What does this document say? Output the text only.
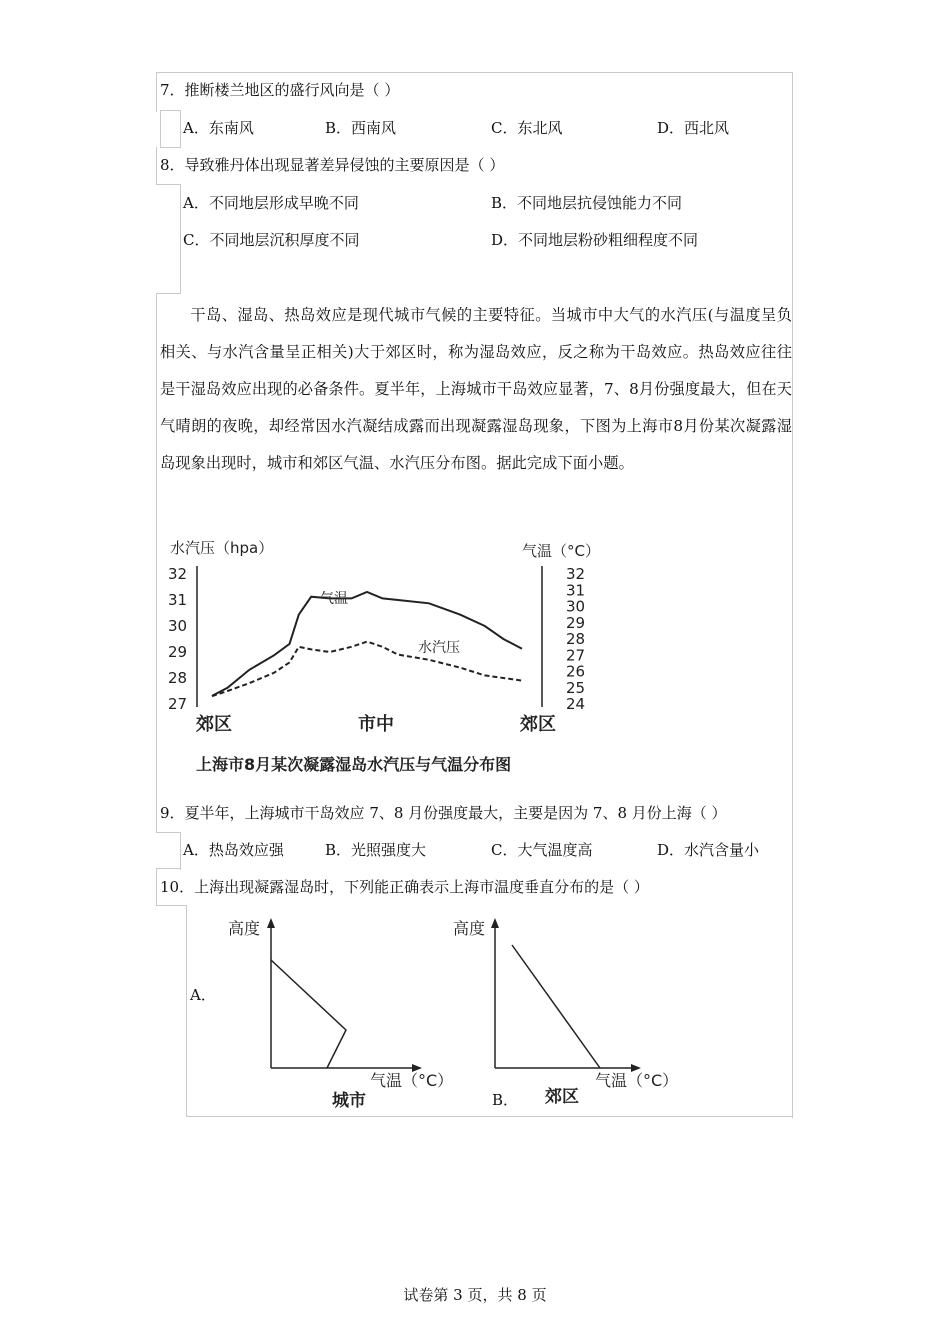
7．推断楼兰地区的盛行风向是（ ）
A．东南风	B．西南风	C．东北风	D．西北风
8．导致雅丹体出现显著差异侵蚀的主要原因是（ ）
A．不同地层形成早晚不同	B．不同地层抗侵蚀能力不同
C．不同地层沉积厚度不同	D．不同地层粉砂粗细程度不同
干岛、湿岛、热岛效应是现代城市气候的主要特征。当城市中大气的水汽压(与温度呈负相关、与水汽含量呈正相关)大于郊区时，称为湿岛效应，反之称为干岛效应。热岛效应往往是干湿岛效应出现的必备条件。夏半年，上海城市干岛效应显著，7、8月份强度最大，但在天气晴朗的夜晚，却经常因水汽凝结成露而出现凝露湿岛现象，下图为上海市8月份某次凝露湿岛现象出现时，城市和郊区气温、水汽压分布图。据此完成下面小题。
水汽压（hpa）	气温（°C）
32
31
30
29
28
27
32
31
30
29
28
27
26
25
24
郊区	市中	郊区
气温
水汽压
上海市8月某次凝露湿岛水汽压与气温分布图
9．夏半年，上海城市干岛效应 7、8 月份强度最大，主要是因为 7、8 月份上海（ ）
A．热岛效应强	B．光照强度大	C．大气温度高	D．水汽含量小
10．上海出现凝露湿岛时，下列能正确表示上海市温度垂直分布的是（ ）
A．
B．
高度
气温（°C）
城市
高度
气温（°C）
郊区
试卷第 3 页，共 8 页
